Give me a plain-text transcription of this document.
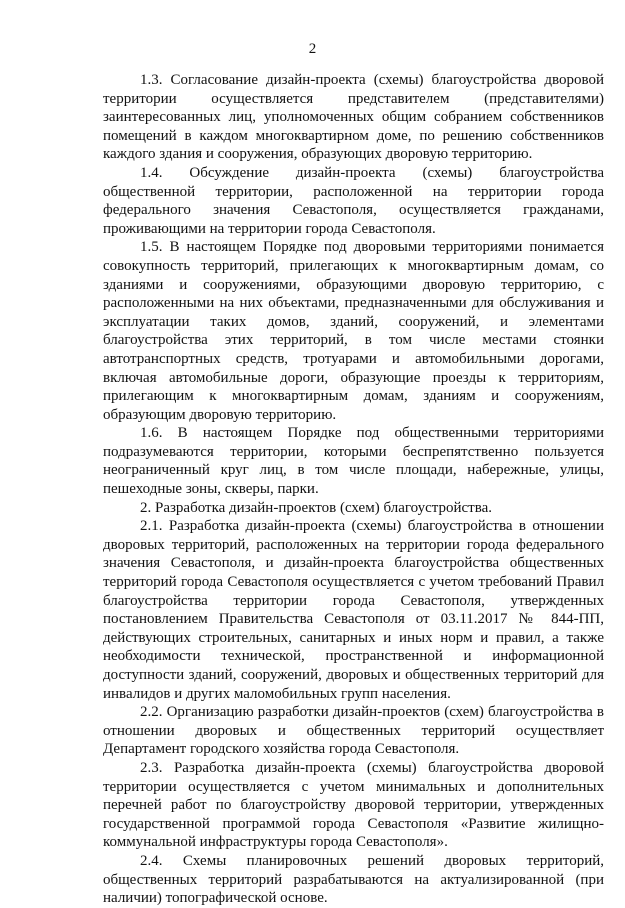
2

1.3. Согласование дизайн-проекта (схемы) благоустройства дворовой территории осуществляется представителем (представителями) заинтересованных лиц, уполномоченных общим собранием собственников помещений в каждом многоквартирном доме, по решению собственников каждого здания и сооружения, образующих дворовую территорию.

1.4. Обсуждение дизайн-проекта (схемы) благоустройства общественной территории, расположенной на территории города федерального значения Севастополя, осуществляется гражданами, проживающими на территории города Севастополя.

1.5. В настоящем Порядке под дворовыми территориями понимается совокупность территорий, прилегающих к многоквартирным домам, со зданиями и сооружениями, образующими дворовую территорию, с расположенными на них объектами, предназначенными для обслуживания и эксплуатации таких домов, зданий, сооружений, и элементами благоустройства этих территорий, в том числе местами стоянки автотранспортных средств, тротуарами и автомобильными дорогами, включая автомобильные дороги, образующие проезды к территориям, прилегающим к многоквартирным домам, зданиям и сооружениям, образующим дворовую территорию.

1.6. В настоящем Порядке под общественными территориями подразумеваются территории, которыми беспрепятственно пользуется неограниченный круг лиц, в том числе площади, набережные, улицы, пешеходные зоны, скверы, парки.

2. Разработка дизайн-проектов (схем) благоустройства.

2.1. Разработка дизайн-проекта (схемы) благоустройства в отношении дворовых территорий, расположенных на территории города федерального значения Севастополя, и дизайн-проекта благоустройства общественных территорий города Севастополя осуществляется с учетом требований Правил благоустройства территории города Севастополя, утвержденных постановлением Правительства Севастополя от 03.11.2017 № 844-ПП, действующих строительных, санитарных и иных норм и правил, а также необходимости технической, пространственной и информационной доступности зданий, сооружений, дворовых и общественных территорий для инвалидов и других маломобильных групп населения.

2.2. Организацию разработки дизайн-проектов (схем) благоустройства в отношении дворовых и общественных территорий осуществляет Департамент городского хозяйства города Севастополя.

2.3. Разработка дизайн-проекта (схемы) благоустройства дворовой территории осуществляется с учетом минимальных и дополнительных перечней работ по благоустройству дворовой территории, утвержденных государственной программой города Севастополя «Развитие жилищно-коммунальной инфраструктуры города Севастополя».

2.4. Схемы планировочных решений дворовых территорий, общественных территорий разрабатываются на актуализированной (при наличии) топографической основе.
